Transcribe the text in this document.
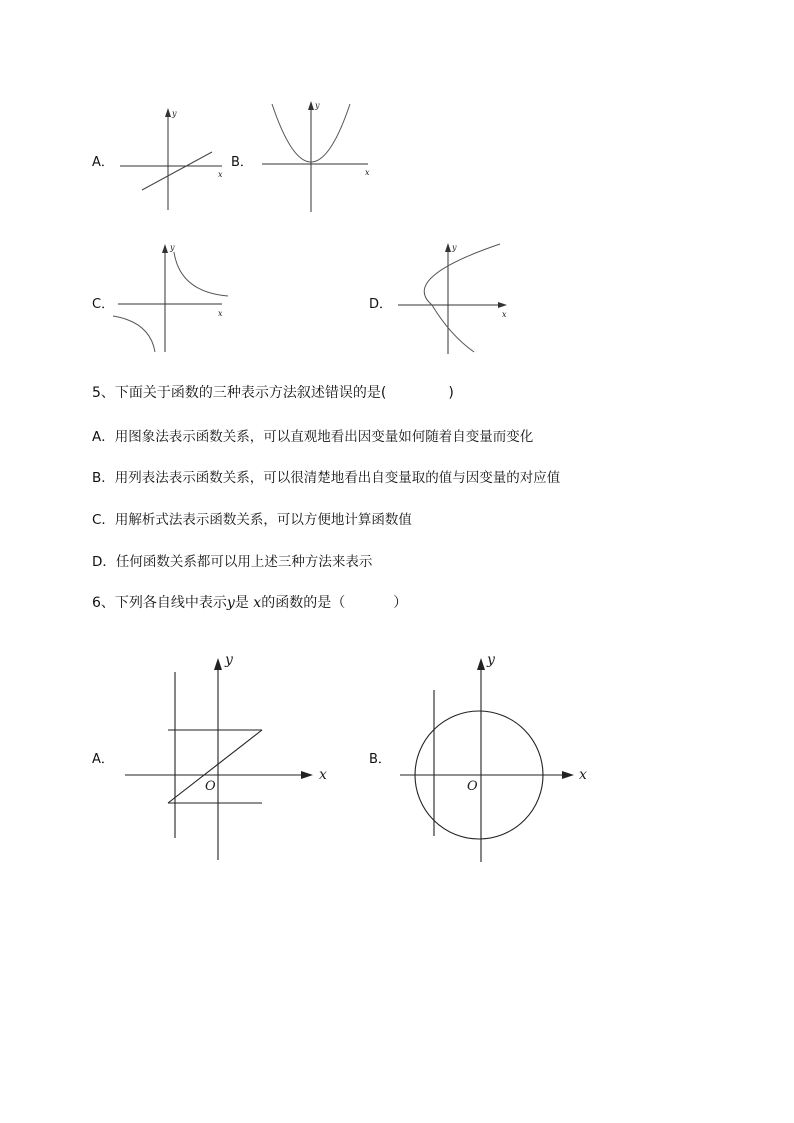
A．
x
y
B．
x
y
C．
x
y
D．
x
y
5、下面关于函数的三种表示方法叙述错误的是(	)
A．用图象法表示函数关系，可以直观地看出因变量如何随着自变量而变化
B．用列表法表示函数关系，可以很清楚地看出自变量取的值与因变量的对应值
C．用解析式法表示函数关系，可以方便地计算函数值
D．任何函数关系都可以用上述三种方法来表示
6、下列各自线中表示y是 x的函数的是（	）
A．
x
y
O
B．
x
y
O
